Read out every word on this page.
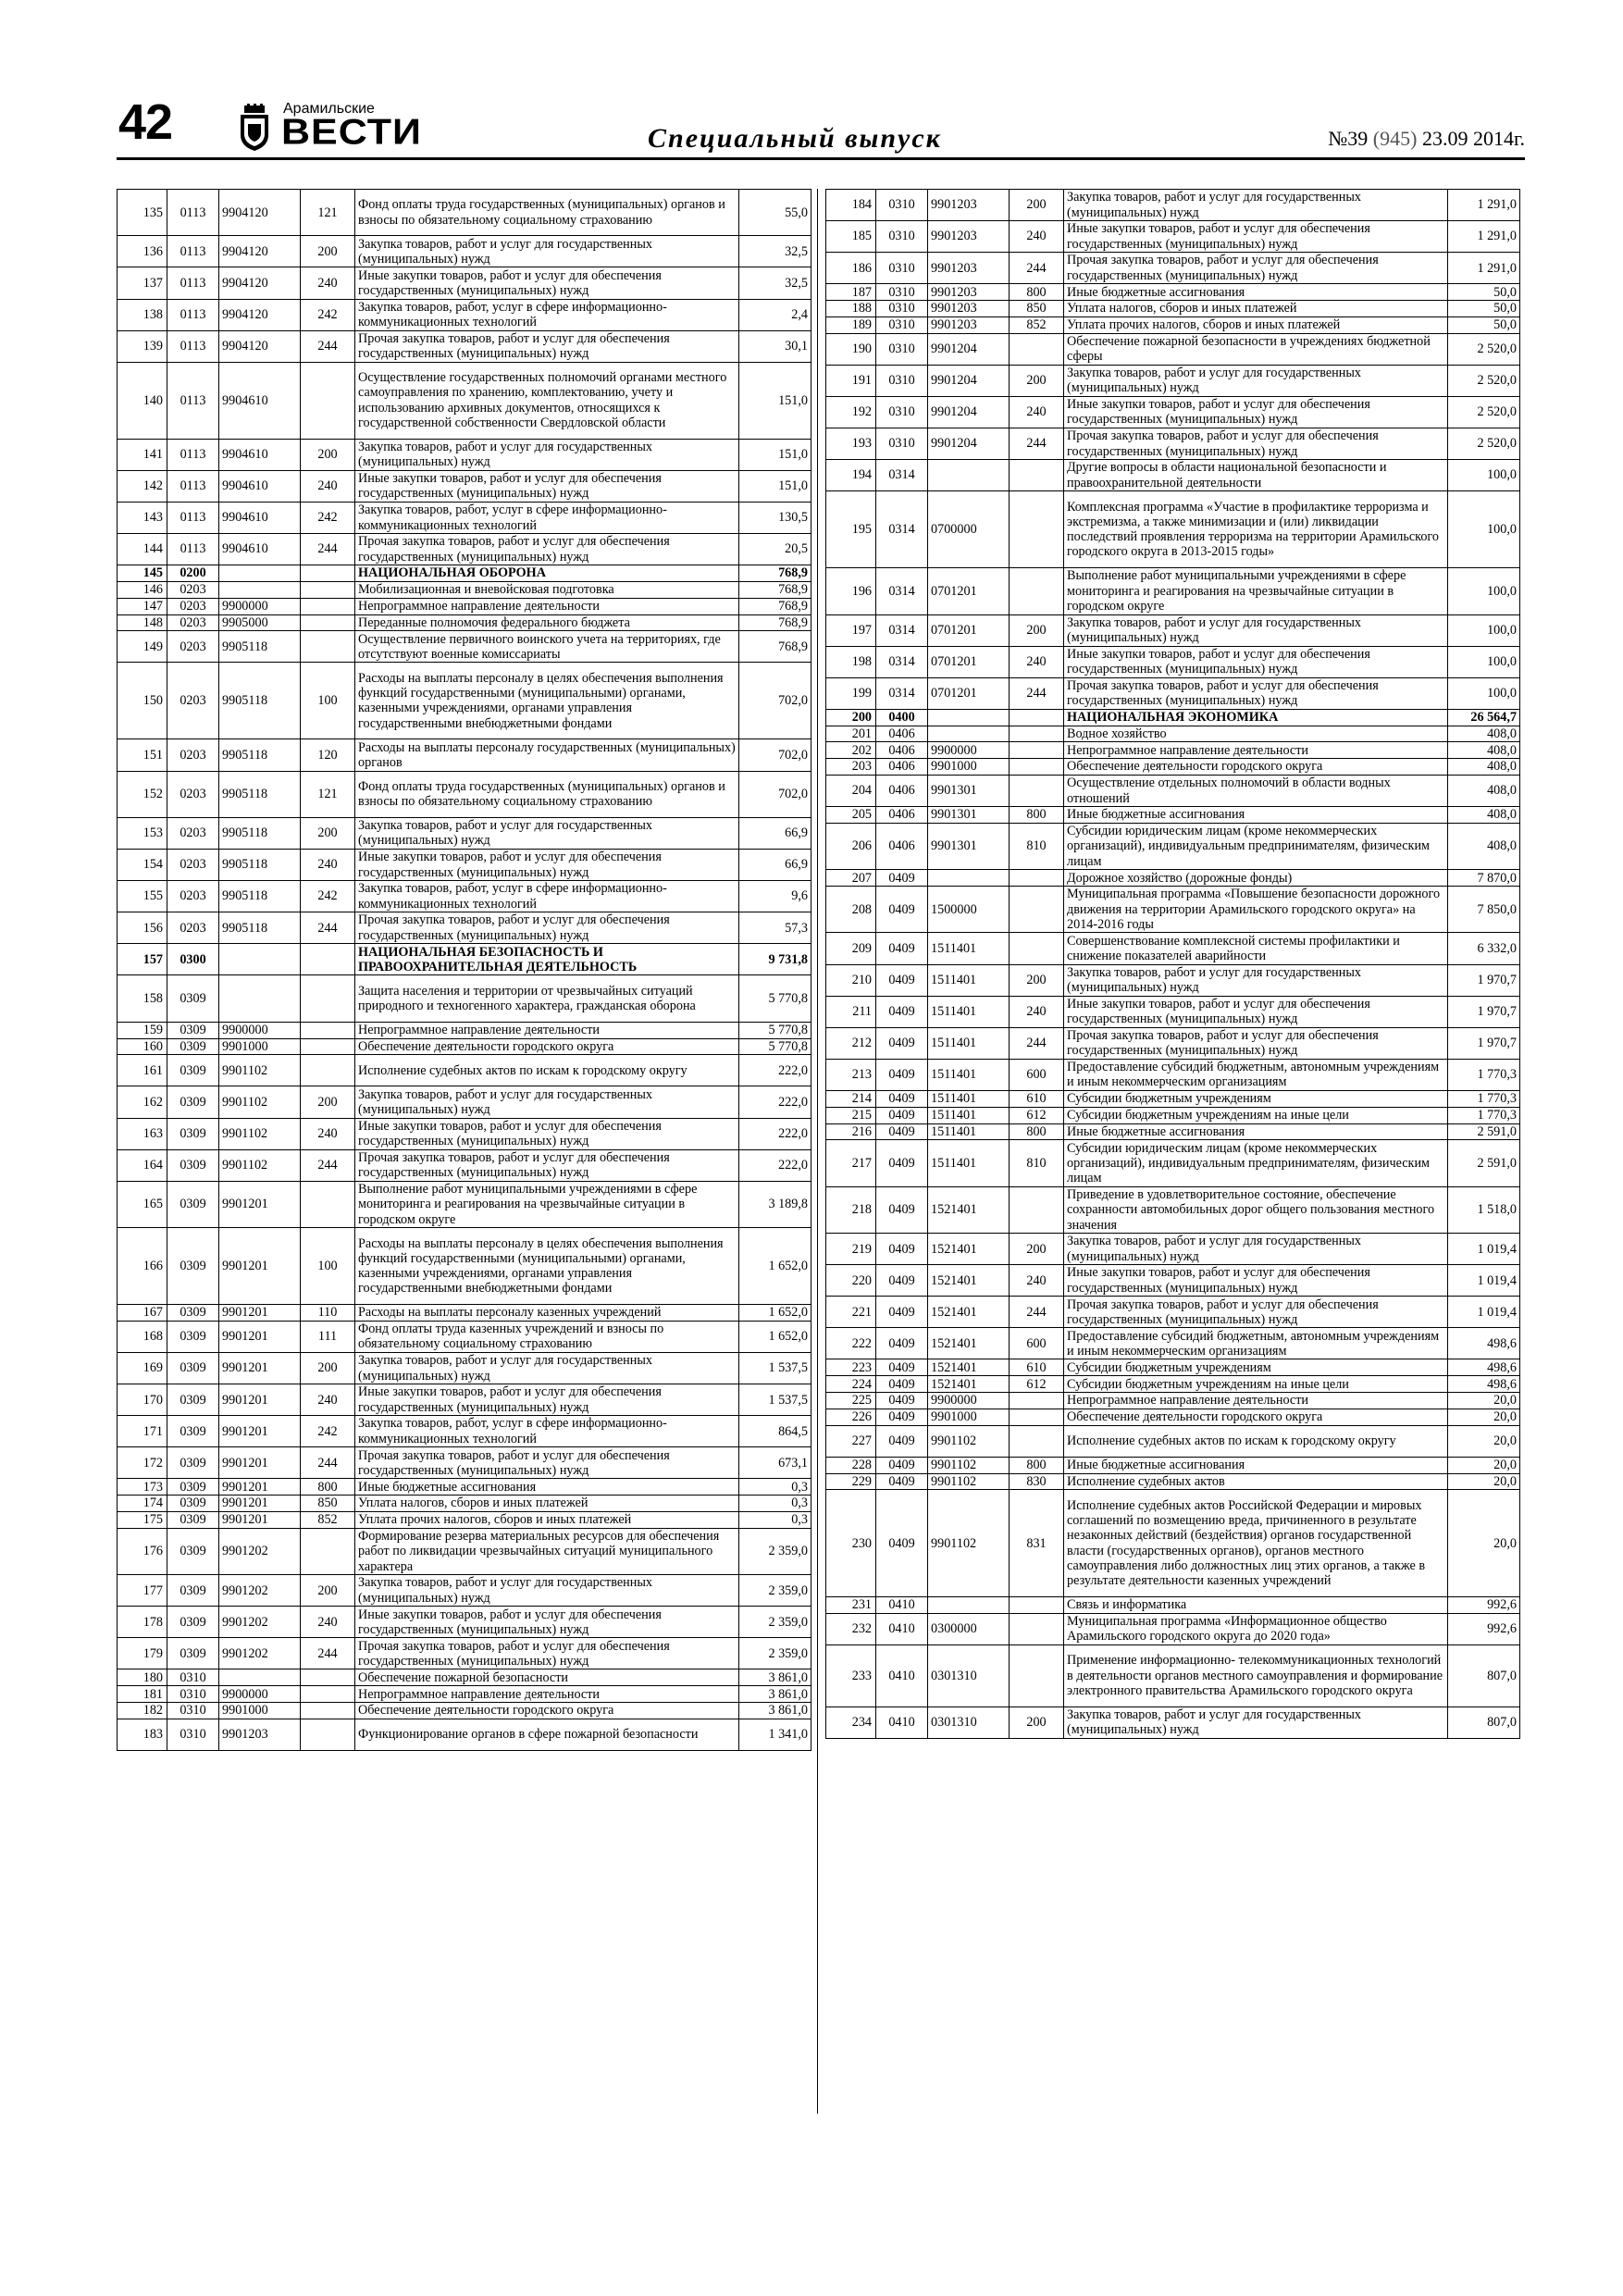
42	Арамильские
ВЕСТИ	Специальный выпуск	№39 (945) 23.09 2014г.
135	0113	9904120	121	Фонд оплаты труда государственных (муниципальных) органов и взносы по обязательному социальному страхованию	55,0
136	0113	9904120	200	Закупка товаров, работ и услуг для государственных (муниципальных) нужд	32,5
137	0113	9904120	240	Иные закупки товаров, работ и услуг для обеспечения государственных (муниципальных) нужд	32,5
138	0113	9904120	242	Закупка товаров, работ, услуг в сфере информационно-коммуникационных технологий	2,4
139	0113	9904120	244	Прочая закупка товаров, работ и услуг для обеспечения государственных (муниципальных) нужд	30,1
140	0113	9904610		Осуществление государственных полномочий органами местного самоуправления по хранению, комплектованию, учету и использованию архивных документов, относящихся к государственной собственности Свердловской области	151,0
141	0113	9904610	200	Закупка товаров, работ и услуг для государственных (муниципальных) нужд	151,0
142	0113	9904610	240	Иные закупки товаров, работ и услуг для обеспечения государственных (муниципальных) нужд	151,0
143	0113	9904610	242	Закупка товаров, работ, услуг в сфере информационно-коммуникационных технологий	130,5
144	0113	9904610	244	Прочая закупка товаров, работ и услуг для обеспечения государственных (муниципальных) нужд	20,5
145	0200			НАЦИОНАЛЬНАЯ ОБОРОНА	768,9
146	0203			Мобилизационная и вневойсковая подготовка	768,9
147	0203	9900000		Непрограммное направление деятельности	768,9
148	0203	9905000		Переданные полномочия федерального бюджета	768,9
149	0203	9905118		Осуществление первичного воинского учета на территориях, где отсутствуют военные комиссариаты	768,9
150	0203	9905118	100	Расходы на выплаты персоналу в целях обеспечения выполнения функций государственными (муниципальными) органами, казенными учреждениями, органами управления государственными внебюджетными фондами	702,0
151	0203	9905118	120	Расходы на выплаты персоналу государственных (муниципальных) органов	702,0
152	0203	9905118	121	Фонд оплаты труда государственных (муниципальных) органов и взносы по обязательному социальному страхованию	702,0
153	0203	9905118	200	Закупка товаров, работ и услуг для государственных (муниципальных) нужд	66,9
154	0203	9905118	240	Иные закупки товаров, работ и услуг для обеспечения государственных (муниципальных) нужд	66,9
155	0203	9905118	242	Закупка товаров, работ, услуг в сфере информационно-коммуникационных технологий	9,6
156	0203	9905118	244	Прочая закупка товаров, работ и услуг для обеспечения государственных (муниципальных) нужд	57,3
157	0300			НАЦИОНАЛЬНАЯ БЕЗОПАСНОСТЬ И ПРАВООХРАНИТЕЛЬНАЯ ДЕЯТЕЛЬНОСТЬ	9 731,8
158	0309			Защита населения и территории от чрезвычайных ситуаций природного и техногенного характера, гражданская оборона	5 770,8
159	0309	9900000		Непрограммное направление деятельности	5 770,8
160	0309	9901000		Обеспечение деятельности городского округа	5 770,8
161	0309	9901102		Исполнение судебных актов по искам к городскому округу	222,0
162	0309	9901102	200	Закупка товаров, работ и услуг для государственных (муниципальных) нужд	222,0
163	0309	9901102	240	Иные закупки товаров, работ и услуг для обеспечения государственных (муниципальных) нужд	222,0
164	0309	9901102	244	Прочая закупка товаров, работ и услуг для обеспечения государственных (муниципальных) нужд	222,0
165	0309	9901201		Выполнение работ муниципальными учреждениями в сфере мониторинга и реагирования на чрезвычайные ситуации в городском округе	3 189,8
166	0309	9901201	100	Расходы на выплаты персоналу в целях обеспечения выполнения функций государственными (муниципальными) органами, казенными учреждениями, органами управления государственными внебюджетными фондами	1 652,0
167	0309	9901201	110	Расходы на выплаты персоналу казенных учреждений	1 652,0
168	0309	9901201	111	Фонд оплаты труда казенных учреждений и взносы по обязательному социальному страхованию	1 652,0
169	0309	9901201	200	Закупка товаров, работ и услуг для государственных (муниципальных) нужд	1 537,5
170	0309	9901201	240	Иные закупки товаров, работ и услуг для обеспечения государственных (муниципальных) нужд	1 537,5
171	0309	9901201	242	Закупка товаров, работ, услуг в сфере информационно-коммуникационных технологий	864,5
172	0309	9901201	244	Прочая закупка товаров, работ и услуг для обеспечения государственных (муниципальных) нужд	673,1
173	0309	9901201	800	Иные бюджетные ассигнования	0,3
174	0309	9901201	850	Уплата налогов, сборов и иных платежей	0,3
175	0309	9901201	852	Уплата прочих налогов, сборов и иных платежей	0,3
176	0309	9901202		Формирование резерва материальных ресурсов для обеспечения работ по ликвидации чрезвычайных ситуаций муниципального характера	2 359,0
177	0309	9901202	200	Закупка товаров, работ и услуг для государственных (муниципальных) нужд	2 359,0
178	0309	9901202	240	Иные закупки товаров, работ и услуг для обеспечения государственных (муниципальных) нужд	2 359,0
179	0309	9901202	244	Прочая закупка товаров, работ и услуг для обеспечения государственных (муниципальных) нужд	2 359,0
180	0310			Обеспечение пожарной безопасности	3 861,0
181	0310	9900000		Непрограммное направление деятельности	3 861,0
182	0310	9901000		Обеспечение деятельности городского округа	3 861,0
183	0310	9901203		Функционирование органов в сфере пожарной безопасности	1 341,0
184	0310	9901203	200	Закупка товаров, работ и услуг для государственных (муниципальных) нужд	1 291,0
185	0310	9901203	240	Иные закупки товаров, работ и услуг для обеспечения государственных (муниципальных) нужд	1 291,0
186	0310	9901203	244	Прочая закупка товаров, работ и услуг для обеспечения государственных (муниципальных) нужд	1 291,0
187	0310	9901203	800	Иные бюджетные ассигнования	50,0
188	0310	9901203	850	Уплата налогов, сборов и иных платежей	50,0
189	0310	9901203	852	Уплата прочих налогов, сборов и иных платежей	50,0
190	0310	9901204		Обеспечение пожарной безопасности в учреждениях бюджетной сферы	2 520,0
191	0310	9901204	200	Закупка товаров, работ и услуг для государственных (муниципальных) нужд	2 520,0
192	0310	9901204	240	Иные закупки товаров, работ и услуг для обеспечения государственных (муниципальных) нужд	2 520,0
193	0310	9901204	244	Прочая закупка товаров, работ и услуг для обеспечения государственных (муниципальных) нужд	2 520,0
194	0314			Другие вопросы в области национальной безопасности и правоохранительной деятельности	100,0
195	0314	0700000		Комплексная программа «Участие в профилактике терроризма и экстремизма, а также минимизации и (или) ликвидации последствий проявления терроризма на территории Арамильского городского округа в 2013-2015 годы»	100,0
196	0314	0701201		Выполнение работ муниципальными учреждениями в сфере мониторинга и реагирования на чрезвычайные ситуации в городском округе	100,0
197	0314	0701201	200	Закупка товаров, работ и услуг для государственных (муниципальных) нужд	100,0
198	0314	0701201	240	Иные закупки товаров, работ и услуг для обеспечения государственных (муниципальных) нужд	100,0
199	0314	0701201	244	Прочая закупка товаров, работ и услуг для обеспечения государственных (муниципальных) нужд	100,0
200	0400			НАЦИОНАЛЬНАЯ ЭКОНОМИКА	26 564,7
201	0406			Водное хозяйство	408,0
202	0406	9900000		Непрограммное направление деятельности	408,0
203	0406	9901000		Обеспечение деятельности городского округа	408,0
204	0406	9901301		Осуществление отдельных полномочий в области водных отношений	408,0
205	0406	9901301	800	Иные бюджетные ассигнования	408,0
206	0406	9901301	810	Субсидии юридическим лицам (кроме некоммерческих организаций), индивидуальным предпринимателям, физическим лицам	408,0
207	0409			Дорожное хозяйство (дорожные фонды)	7 870,0
208	0409	1500000		Муниципальная программа «Повышение безопасности дорожного движения на территории Арамильского городского округа» на 2014-2016 годы	7 850,0
209	0409	1511401		Совершенствование комплексной системы профилактики и снижение показателей аварийности	6 332,0
210	0409	1511401	200	Закупка товаров, работ и услуг для государственных (муниципальных) нужд	1 970,7
211	0409	1511401	240	Иные закупки товаров, работ и услуг для обеспечения государственных (муниципальных) нужд	1 970,7
212	0409	1511401	244	Прочая закупка товаров, работ и услуг для обеспечения государственных (муниципальных) нужд	1 970,7
213	0409	1511401	600	Предоставление субсидий бюджетным, автономным учреждениям и иным некоммерческим организациям	1 770,3
214	0409	1511401	610	Субсидии бюджетным учреждениям	1 770,3
215	0409	1511401	612	Субсидии бюджетным учреждениям на иные цели	1 770,3
216	0409	1511401	800	Иные бюджетные ассигнования	2 591,0
217	0409	1511401	810	Субсидии юридическим лицам (кроме некоммерческих организаций), индивидуальным предпринимателям, физическим лицам	2 591,0
218	0409	1521401		Приведение в удовлетворительное состояние, обеспечение сохранности автомобильных дорог общего пользования местного значения	1 518,0
219	0409	1521401	200	Закупка товаров, работ и услуг для государственных (муниципальных) нужд	1 019,4
220	0409	1521401	240	Иные закупки товаров, работ и услуг для обеспечения государственных (муниципальных) нужд	1 019,4
221	0409	1521401	244	Прочая закупка товаров, работ и услуг для обеспечения государственных (муниципальных) нужд	1 019,4
222	0409	1521401	600	Предоставление субсидий бюджетным, автономным учреждениям и иным некоммерческим организациям	498,6
223	0409	1521401	610	Субсидии бюджетным учреждениям	498,6
224	0409	1521401	612	Субсидии бюджетным учреждениям на иные цели	498,6
225	0409	9900000		Непрограммное направление деятельности	20,0
226	0409	9901000		Обеспечение деятельности городского округа	20,0
227	0409	9901102		Исполнение судебных актов по искам к городскому округу	20,0
228	0409	9901102	800	Иные бюджетные ассигнования	20,0
229	0409	9901102	830	Исполнение судебных актов	20,0
230	0409	9901102	831	Исполнение судебных актов Российской Федерации и мировых соглашений по возмещению вреда, причиненного в результате незаконных действий (бездействия) органов государственной власти (государственных органов), органов местного самоуправления либо должностных лиц этих органов, а также в результате деятельности казенных учреждений	20,0
231	0410			Связь и информатика	992,6
232	0410	0300000		Муниципальная программа «Информационное общество Арамильского городского округа до 2020 года»	992,6
233	0410	0301310		Применение информационно- телекоммуникационных технологий в деятельности органов местного самоуправления и формирование электронного правительства Арамильского городского округа	807,0
234	0410	0301310	200	Закупка товаров, работ и услуг для государственных (муниципальных) нужд	807,0
